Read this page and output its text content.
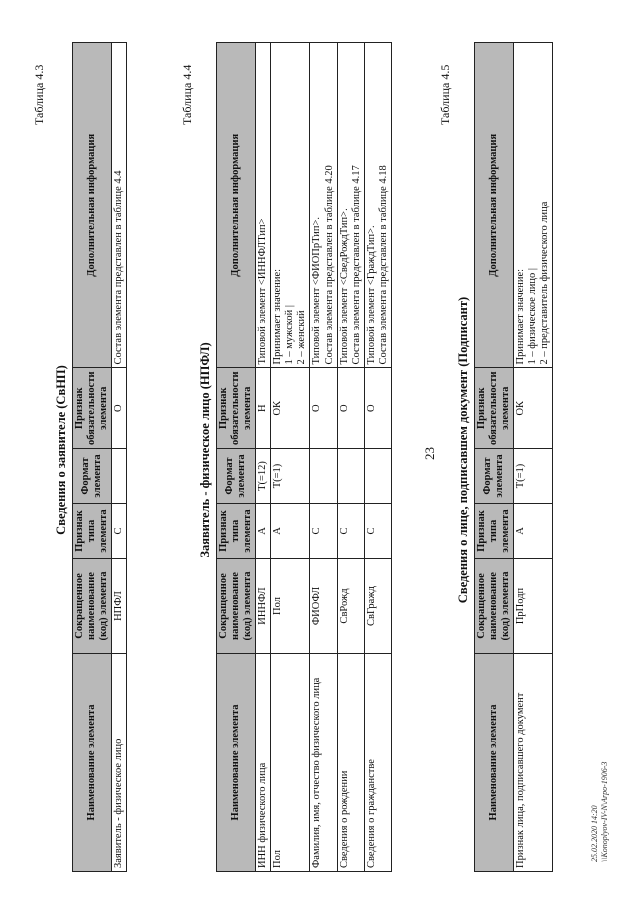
23
Таблица 4.3
Сведения о заявителе (СвНП)
Наименование элемента	Сокращенное наименование (код) элемента	Признак типа элемента	Формат элемента	Признак обязательности элемента	Дополнительная информация
Заявитель - физическое лицо	НПФЛ	С		О	Состав элемента представлен в таблице 4.4
Таблица 4.4
Заявитель - физическое лицо (НПФЛ)
Наименование элемента	Сокращенное наименование (код) элемента	Признак типа элемента	Формат элемента	Признак обязательности элемента	Дополнительная информация
ИНН физического лица	ИННФЛ	А	T(=12)	Н	Типовой элемент <ИННФЛТип>
Пол	Пол	А	T(=1)	ОК	Принимает значение: 1 – мужской | 2 – женский

Фамилия, имя, отчество физического лица	ФИОФЛ	С		О	Типовой элемент <ФИОПрТип>. Состав элемента представлен в таблице 4.20

Сведения о рождении	СвРожд	С		О	Типовой элемент <СведРождТип>. Состав элемента представлен в таблице 4.17

Сведения о гражданстве	СвГражд	С		О	Типовой элемент <ГраждТип>. Состав элемента представлен в таблице 4.18
Таблица 4.5
Сведения о лице, подписавшем документ (Подписант)
Наименование элемента	Сокращенное наименование (код) элемента	Признак типа элемента	Формат элемента	Признак обязательности элемента	Дополнительная информация
Признак лица, подписавшего документ	ПрПодп	А	T(=1)	ОК	Принимает значение: 1 – физическое лицо | 2 – представитель физического лица
25.02.2020 14:20 \\Konoplyov-IV-N\Arpo-1906-3
